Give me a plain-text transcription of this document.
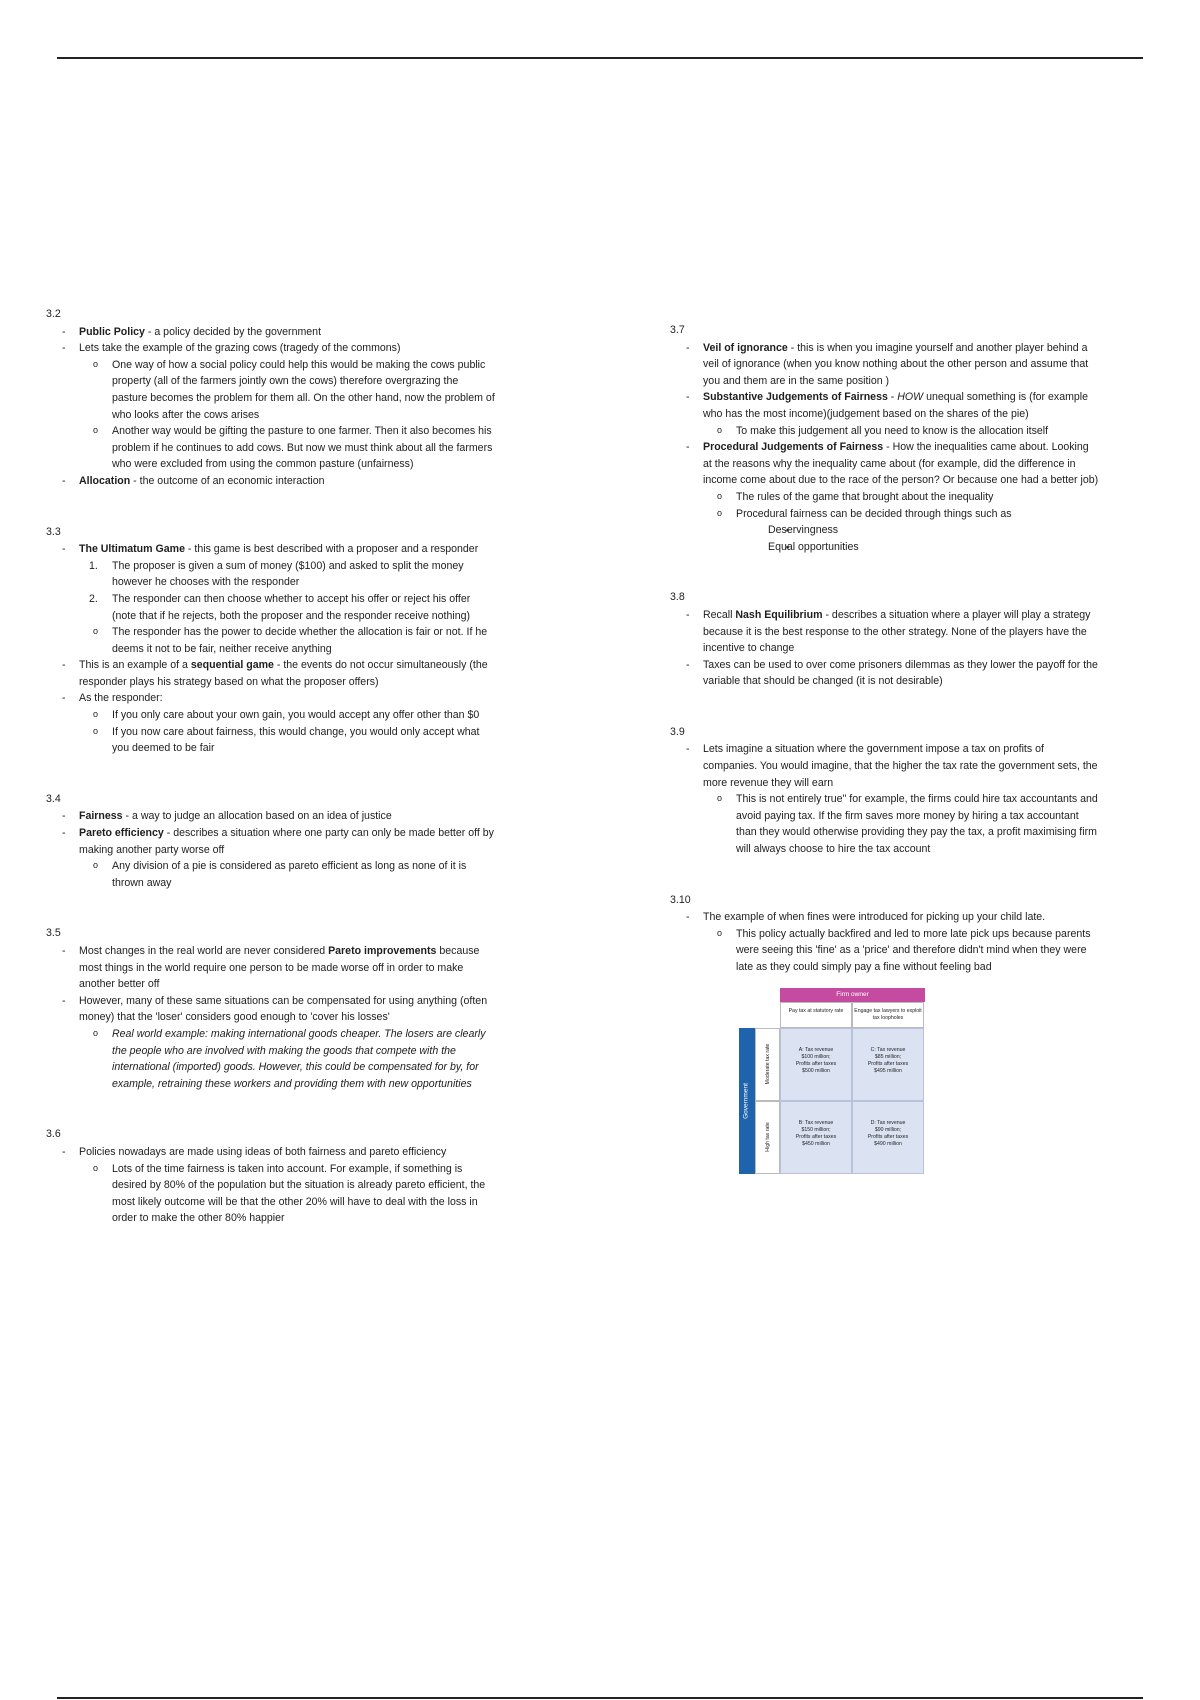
3.2
- Public Policy - a policy decided by the government
- Lets take the example of the grazing cows (tragedy of the commons)
o One way of how a social policy could help this would be making the cows public property (all of the farmers jointly own the cows) therefore overgrazing the pasture becomes the problem for them all. On the other hand, now the problem of who looks after the cows arises
o Another way would be gifting the pasture to one farmer. Then it also becomes his problem if he continues to add cows. But now we must think about all the farmers who were excluded from using the common pasture (unfairness)
- Allocation - the outcome of an economic interaction
3.3
- The Ultimatum Game - this game is best described with a proposer and a responder
1. The proposer is given a sum of money ($100) and asked to split the money however he chooses with the responder
2. The responder can then choose whether to accept his offer or reject his offer (note that if he rejects, both the proposer and the responder receive nothing)
o The responder has the power to decide whether the allocation is fair or not. If he deems it not to be fair, neither receive anything
- This is an example of a sequential game - the events do not occur simultaneously (the responder plays his strategy based on what the proposer offers)
- As the responder:
o If you only care about your own gain, you would accept any offer other than $0
o If you now care about fairness, this would change, you would only accept what you deemed to be fair
3.4
- Fairness - a way to judge an allocation based on an idea of justice
- Pareto efficiency - describes a situation where one party can only be made better off by making another party worse off
o Any division of a pie is considered as pareto efficient as long as none of it is thrown away
3.5
- Most changes in the real world are never considered Pareto improvements because most things in the world require one person to be made worse off in order to make another better off
- However, many of these same situations can be compensated for using anything (often money) that the 'loser' considers good enough to 'cover his losses'
o Real world example: making international goods cheaper. The losers are clearly the people who are involved with making the goods that compete with the international (imported) goods. However, this could be compensated for by, for example, retraining these workers and providing them with new opportunities
3.6
- Policies nowadays are made using ideas of both fairness and pareto efficiency
o Lots of the time fairness is taken into account. For example, if something is desired by 80% of the population but the situation is already pareto efficient, the most likely outcome will be that the other 20% will have to deal with the loss in order to make the other 80% happier
3.7
- Veil of ignorance - this is when you imagine yourself and another player behind a veil of ignorance (when you know nothing about the other person and assume that you and them are in the same position )
- Substantive Judgements of Fairness - HOW unequal something is (for example who has the most income)(judgement based on the shares of the pie)
o To make this judgement all you need to know is the allocation itself
- Procedural Judgements of Fairness - How the inequalities came about. Looking at the reasons why the inequality came about (for example, did the difference in income come about due to the race of the person? Or because one had a better job)
o The rules of the game that brought about the inequality
o Procedural fairness can be decided through things such as
▪ Deservingness
▪ Equal opportunities
3.8
- Recall Nash Equilibrium - describes a situation where a player will play a strategy because it is the best response to the other strategy. None of the players have the incentive to change
- Taxes can be used to over come prisoners dilemmas as they lower the payoff for the variable that should be changed (it is not desirable)
3.9
- Lets imagine a situation where the government impose a tax on profits of companies. You would imagine, that the higher the tax rate the government sets, the more revenue they will earn
o This is not entirely true" for example, the firms could hire tax accountants and avoid paying tax. If the firm saves more money by hiring a tax accountant than they would otherwise providing they pay the tax, a profit maximising firm will always choose to hire the tax account
3.10
- The example of when fines were introduced for picking up your child late.
o This policy actually backfired and led to more late pick ups because parents were seeing this 'fine' as a 'price' and therefore didn't mind when they were late as they could simply pay a fine without feeling bad
Firm owner
Pay tax at statutory rate	Engage tax lawyers to exploit tax loopholes
Government
Moderate tax rate
High tax rate
A: Tax revenue
$100 million;
Profits after taxes
$500 million
C: Tax revenue
$85 million;
Profits after taxes
$495 million
B: Tax revenue
$150 million;
Profits after taxes
$450 million
D: Tax revenue
$90 million;
Profits after taxes
$490 million
